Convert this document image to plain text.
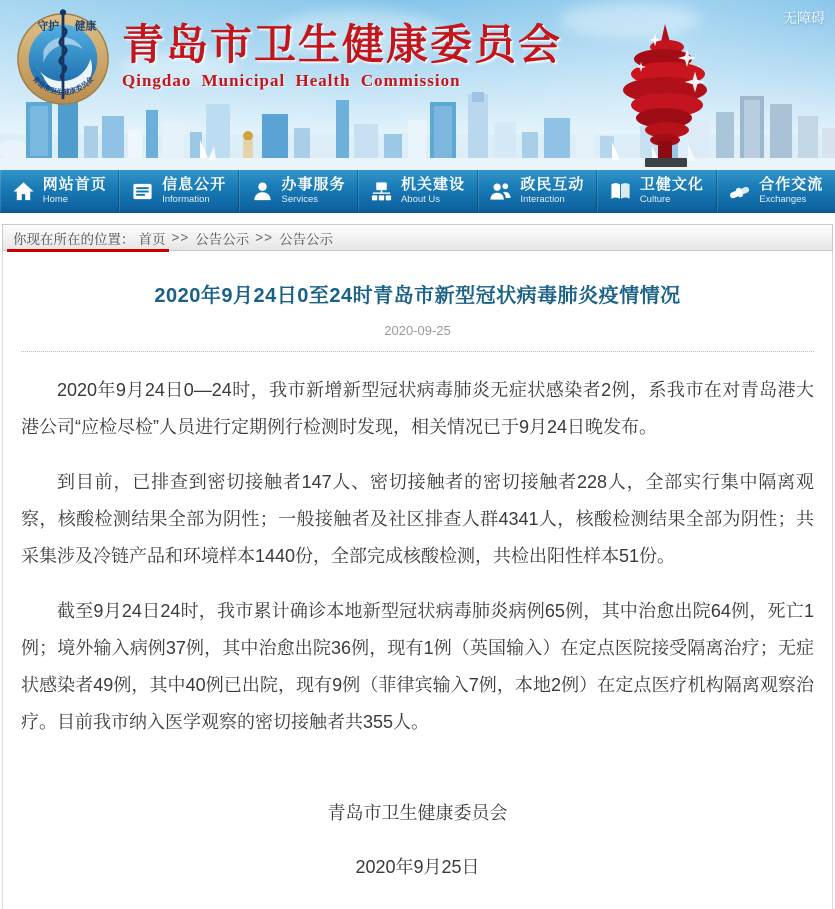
无障碍
守护 健康
青岛市卫生健康委员会
青岛市卫生健康委员会
Qingdao Municipal Health Commission
网站首页
Home
信息公开
Information
办事服务
Services
机关建设
About Us
政民互动
Interaction
卫健文化
Culture
合作交流
Exchanges
你现在所在的位置： 首页 >> 公告公示 >> 公告公示
2020年9月24日0至24时青岛市新型冠状病毒肺炎疫情情况
2020-09-25

2020年9月24日0—24时，我市新增新型冠状病毒肺炎无症状感染者2例，系我市在对青岛港大港公司“应检尽检”人员进行定期例行检测时发现，相关情况已于9月24日晚发布。

到目前，已排查到密切接触者147人、密切接触者的密切接触者228人，全部实行集中隔离观察，核酸检测结果全部为阴性；一般接触者及社区排查人群4341人，核酸检测结果全部为阴性；共采集涉及冷链产品和环境样本1440份，全部完成核酸检测，共检出阳性样本51份。

截至9月24日24时，我市累计确诊本地新型冠状病毒肺炎病例65例，其中治愈出院64例，死亡1例；境外输入病例37例，其中治愈出院36例，现有1例（英国输入）在定点医院接受隔离治疗；无症状感染者49例，其中40例已出院，现有9例（菲律宾输入7例，本地2例）在定点医疗机构隔离观察治疗。目前我市纳入医学观察的密切接触者共355人。

青岛市卫生健康委员会

2020年9月25日
